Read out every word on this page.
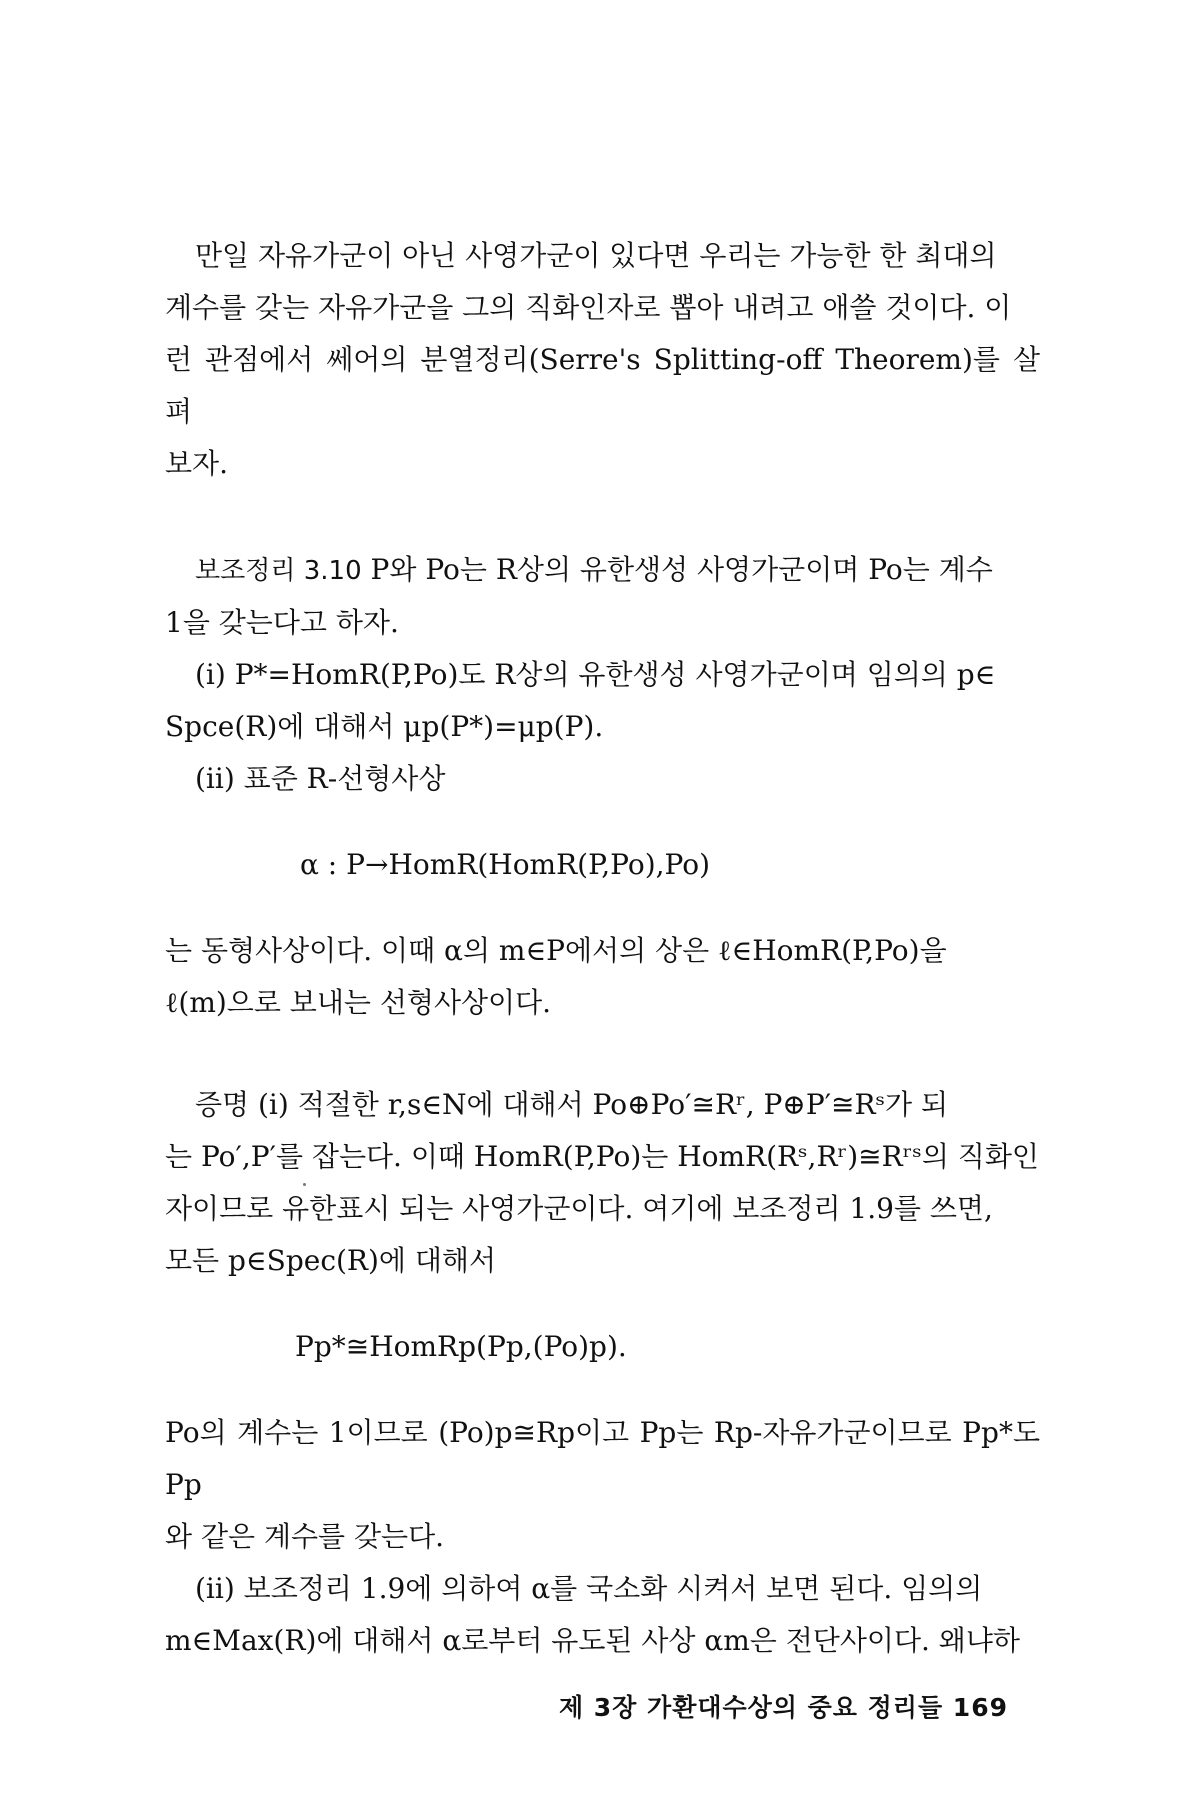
만일 자유가군이 아닌 사영가군이 있다면 우리는 가능한 한 최대의

계수를 갖는 자유가군을 그의 직화인자로 뽑아 내려고 애쓸 것이다. 이

런 관점에서 쎄어의 분열정리(Serre's Splitting-off Theorem)를 살펴

보자.

보조정리 3.10 P와 Po는 R상의 유한생성 사영가군이며 Po는 계수

1을 갖는다고 하자.

(i) P*=HomR(P,Po)도 R상의 유한생성 사영가군이며 임의의 p∈

Spce(R)에 대해서 μp(P*)=μp(P).

(ii) 표준 R-선형사상

α : P→HomR(HomR(P,Po),Po)

는 동형사상이다. 이때 α의 m∈P에서의 상은 ℓ∈HomR(P,Po)을

ℓ(m)으로 보내는 선형사상이다.

증명 (i) 적절한 r,s∈N에 대해서 Po⊕Po′≅Rʳ, P⊕P′≅Rˢ가 되

는 Po′,P′를 잡는다. 이때 HomR(P,Po)는 HomR(Rˢ,Rʳ)≅Rʳˢ의 직화인

자이므로 유한표시 되는 사영가군이다. 여기에 보조정리 1.9를 쓰면,

모든 p∈Spec(R)에 대해서

Pp*≅HomRp(Pp,(Po)p).

Po의 계수는 1이므로 (Po)p≅Rp이고 Pp는 Rp-자유가군이므로 Pp*도 Pp

와 같은 계수를 갖는다.

(ii) 보조정리 1.9에 의하여 α를 국소화 시켜서 보면 된다. 임의의

m∈Max(R)에 대해서 α로부터 유도된 사상 αm은 전단사이다. 왜냐하

제 3장 가환대수상의 중요 정리들 169
